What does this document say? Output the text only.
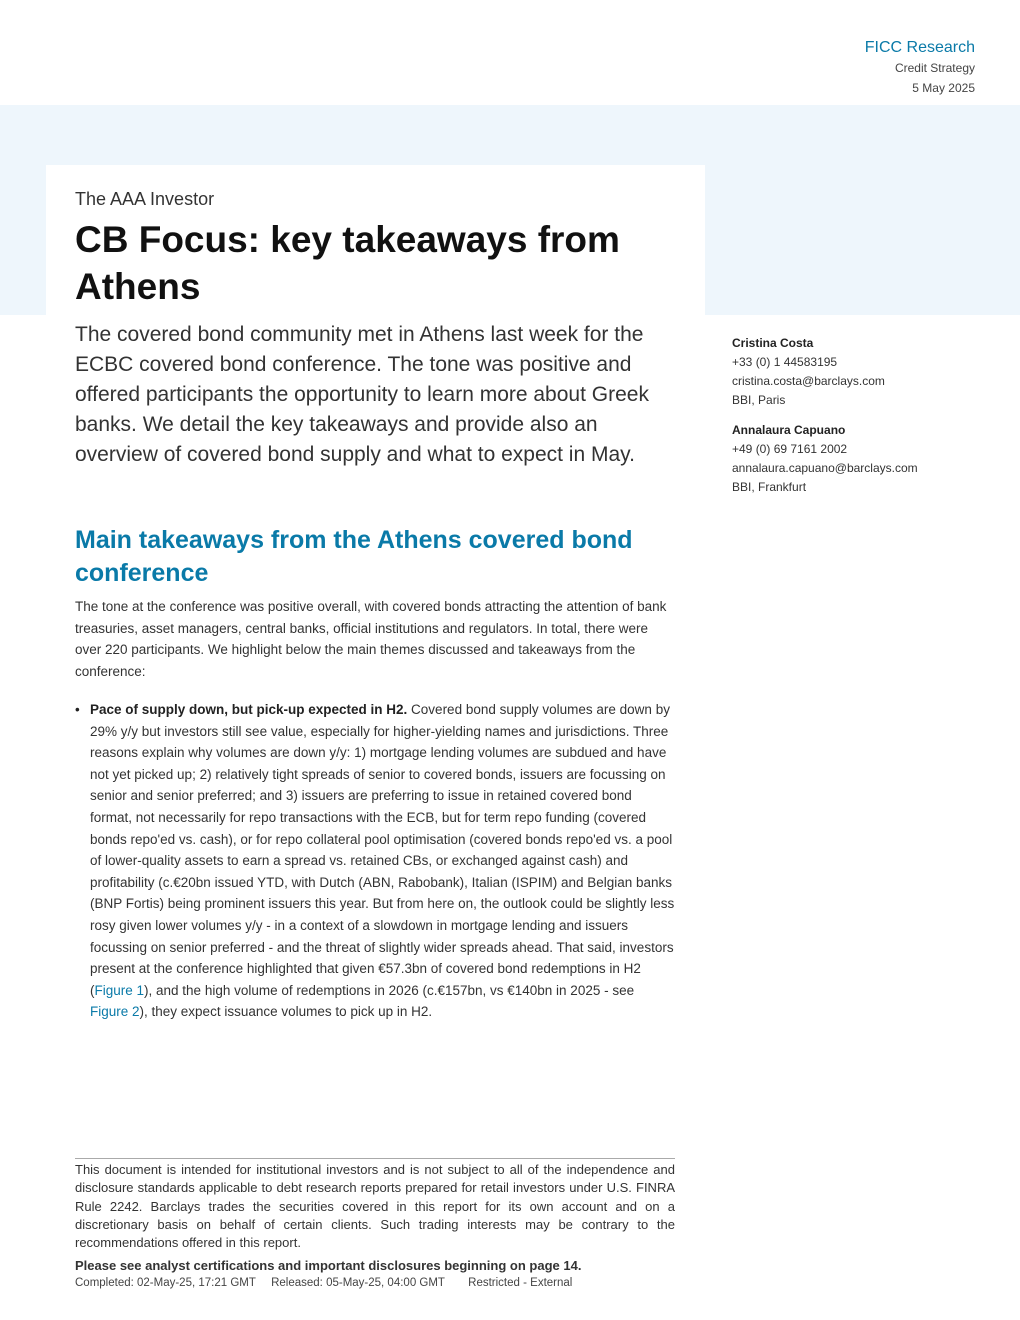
FICC Research
Credit Strategy
5 May 2025
The AAA Investor
CB Focus: key takeaways from Athens

The covered bond community met in Athens last week for the ECBC covered bond conference. The tone was positive and offered participants the opportunity to learn more about Greek banks. We detail the key takeaways and provide also an overview of covered bond supply and what to expect in May.

Cristina Costa
+33 (0) 1 44583195
cristina.costa@barclays.com
BBI, Paris
Annalaura Capuano
+49 (0) 69 7161 2002
annalaura.capuano@barclays.com
BBI, Frankfurt
Main takeaways from the Athens covered bond conference

The tone at the conference was positive overall, with covered bonds attracting the attention of bank treasuries, asset managers, central banks, official institutions and regulators. In total, there were over 220 participants. We highlight below the main themes discussed and takeaways from the conference:

• Pace of supply down, but pick-up expected in H2. Covered bond supply volumes are down by 29% y/y but investors still see value, especially for higher-yielding names and jurisdictions. Three reasons explain why volumes are down y/y: 1) mortgage lending volumes are subdued and have not yet picked up; 2) relatively tight spreads of senior to covered bonds, issuers are focussing on senior and senior preferred; and 3) issuers are preferring to issue in retained covered bond format, not necessarily for repo transactions with the ECB, but for term repo funding (covered bonds repo'ed vs. cash), or for repo collateral pool optimisation (covered bonds repo'ed vs. a pool of lower-quality assets to earn a spread vs. retained CBs, or exchanged against cash) and profitability (c.€20bn issued YTD, with Dutch (ABN, Rabobank), Italian (ISPIM) and Belgian banks (BNP Fortis) being prominent issuers this year. But from here on, the outlook could be slightly less rosy given lower volumes y/y - in a context of a slowdown in mortgage lending and issuers focussing on senior preferred - and the threat of slightly wider spreads ahead. That said, investors present at the conference highlighted that given €57.3bn of covered bond redemptions in H2 (Figure 1), and the high volume of redemptions in 2026 (c.€157bn, vs €140bn in 2025 - see Figure 2), they expect issuance volumes to pick up in H2.

This document is intended for institutional investors and is not subject to all of the independence and disclosure standards applicable to debt research reports prepared for retail investors under U.S. FINRA Rule 2242. Barclays trades the securities covered in this report for its own account and on a discretionary basis on behalf of certain clients. Such trading interests may be contrary to the recommendations offered in this report.

Please see analyst certifications and important disclosures beginning on page 14.

Completed: 02-May-25, 17:21 GMT Released: 05-May-25, 04:00 GMT Restricted - External
